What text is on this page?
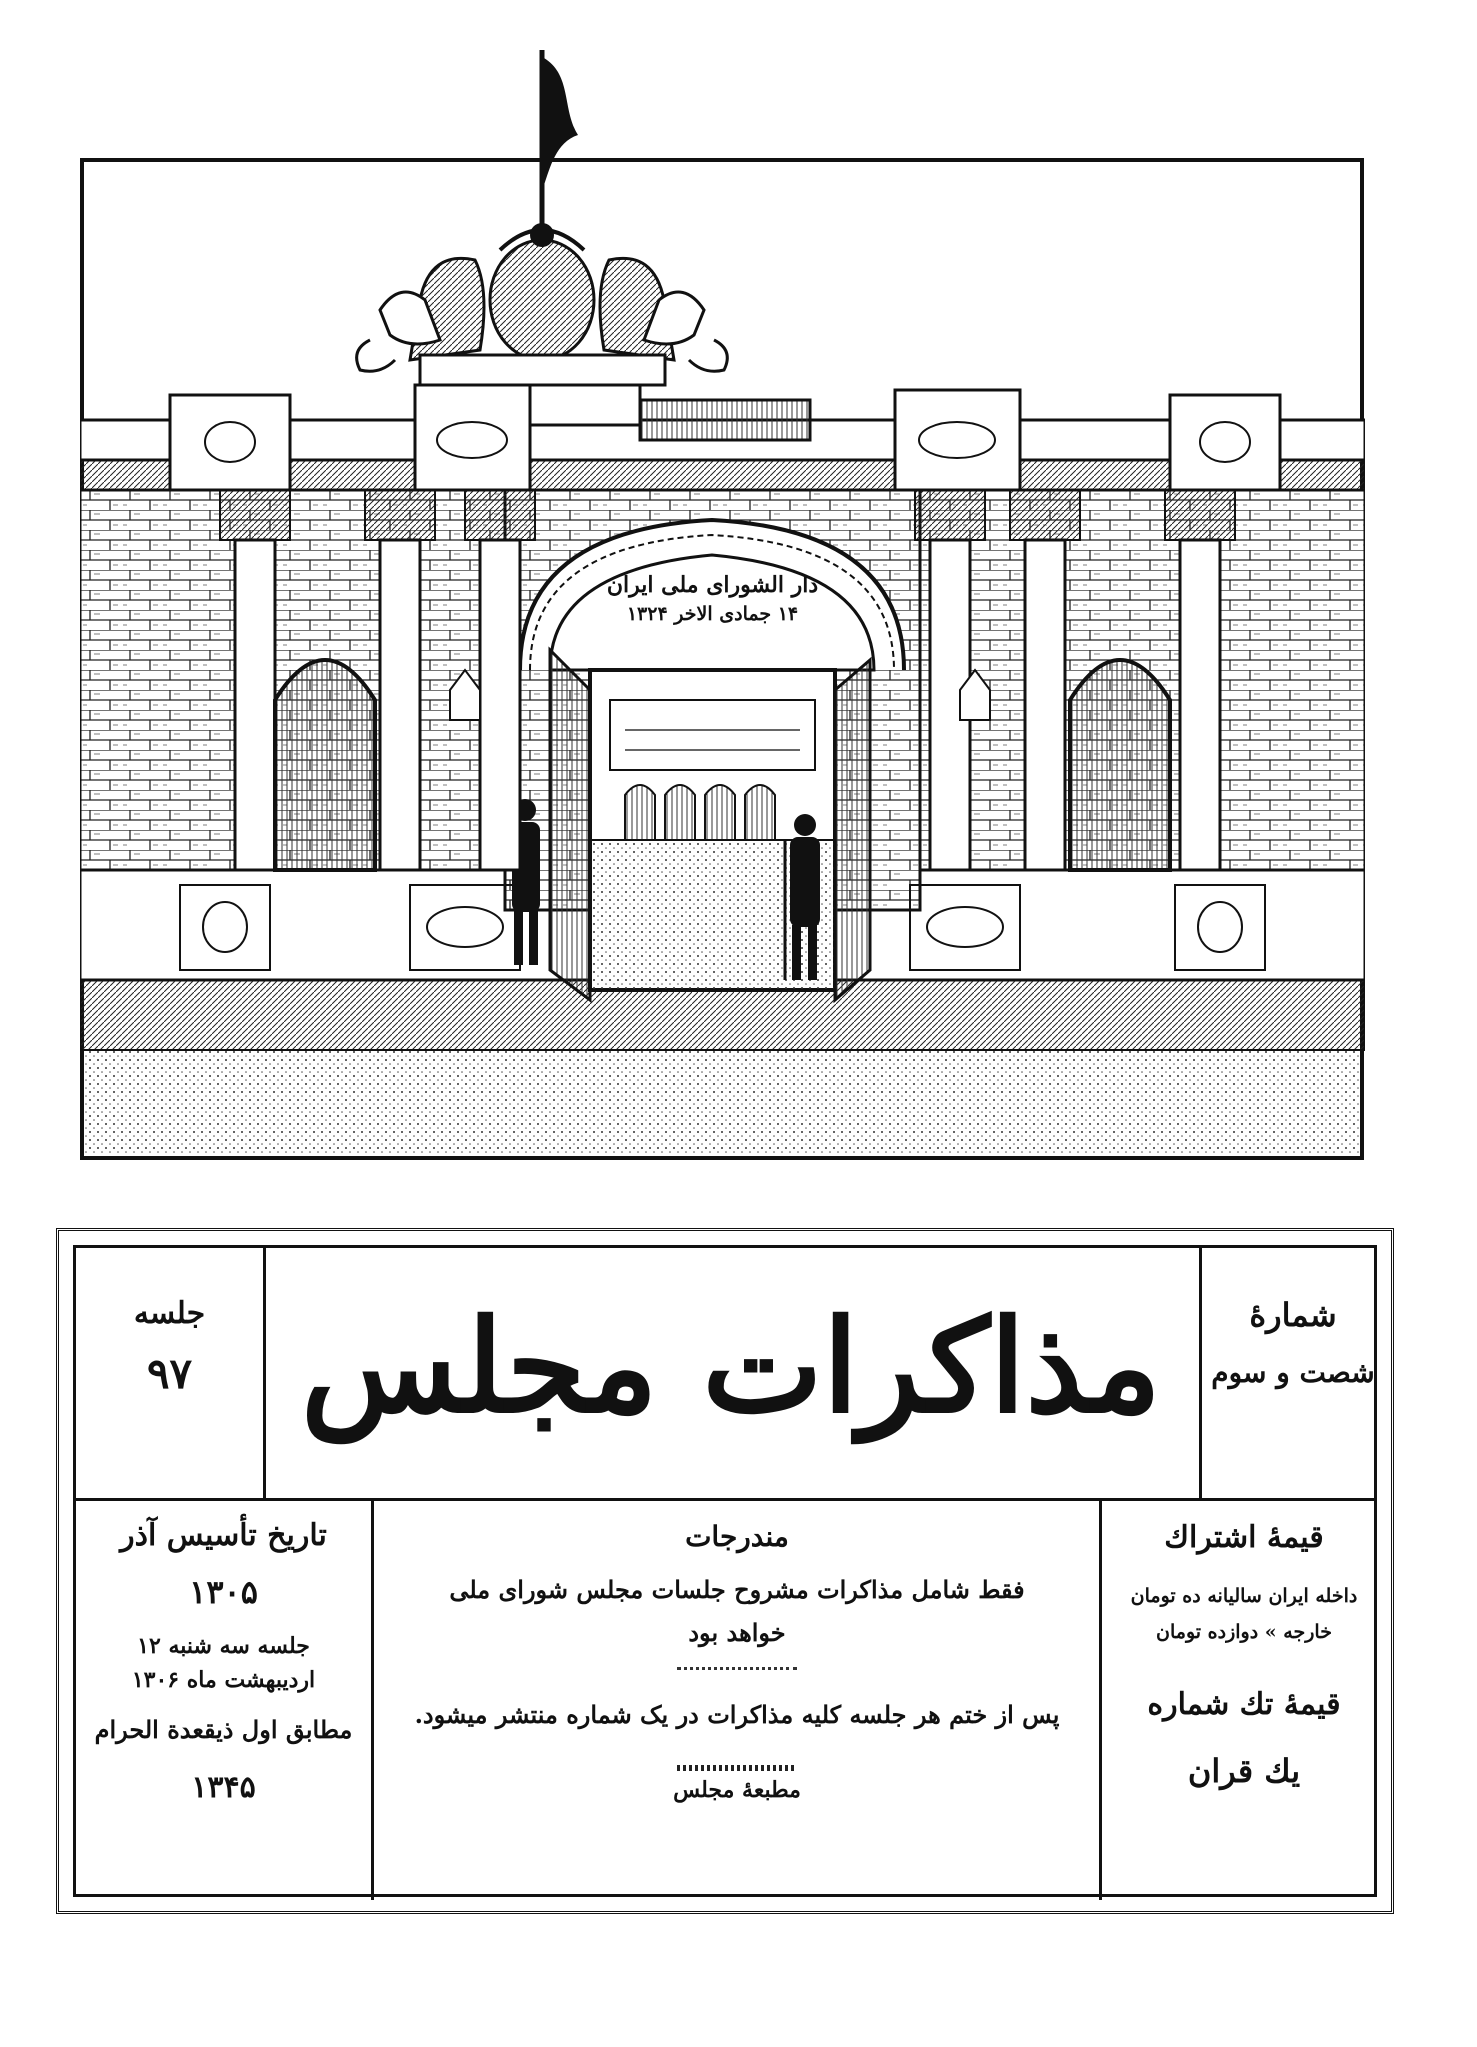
دار الشورای ملی ایران
۱۴ جمادی الاخر ۱۳۲۴
جلسه
۹۷ مذاکرات مجلس	شمارهٔ
شصت و سوم
تاریخ تأسیس آذر
۱۳۰۵
جلسه سه شنبه ۱۲
اردیبهشت ماه ۱۳۰۶
مطابق اول ذیقعدة الحرام
۱۳۴۵
مندرجات
فقط شامل مذاکرات مشروح جلسات مجلس شورای ملی
خواهد بود
پس از ختم هر جلسه کلیه مذاکرات در یک شماره منتشر میشود.
مطبعهٔ مجلس
قیمهٔ اشتراك
داخله ایران سالیانه ده تومان
خارجه » دوازده تومان
قیمهٔ تك شماره
يك قران
